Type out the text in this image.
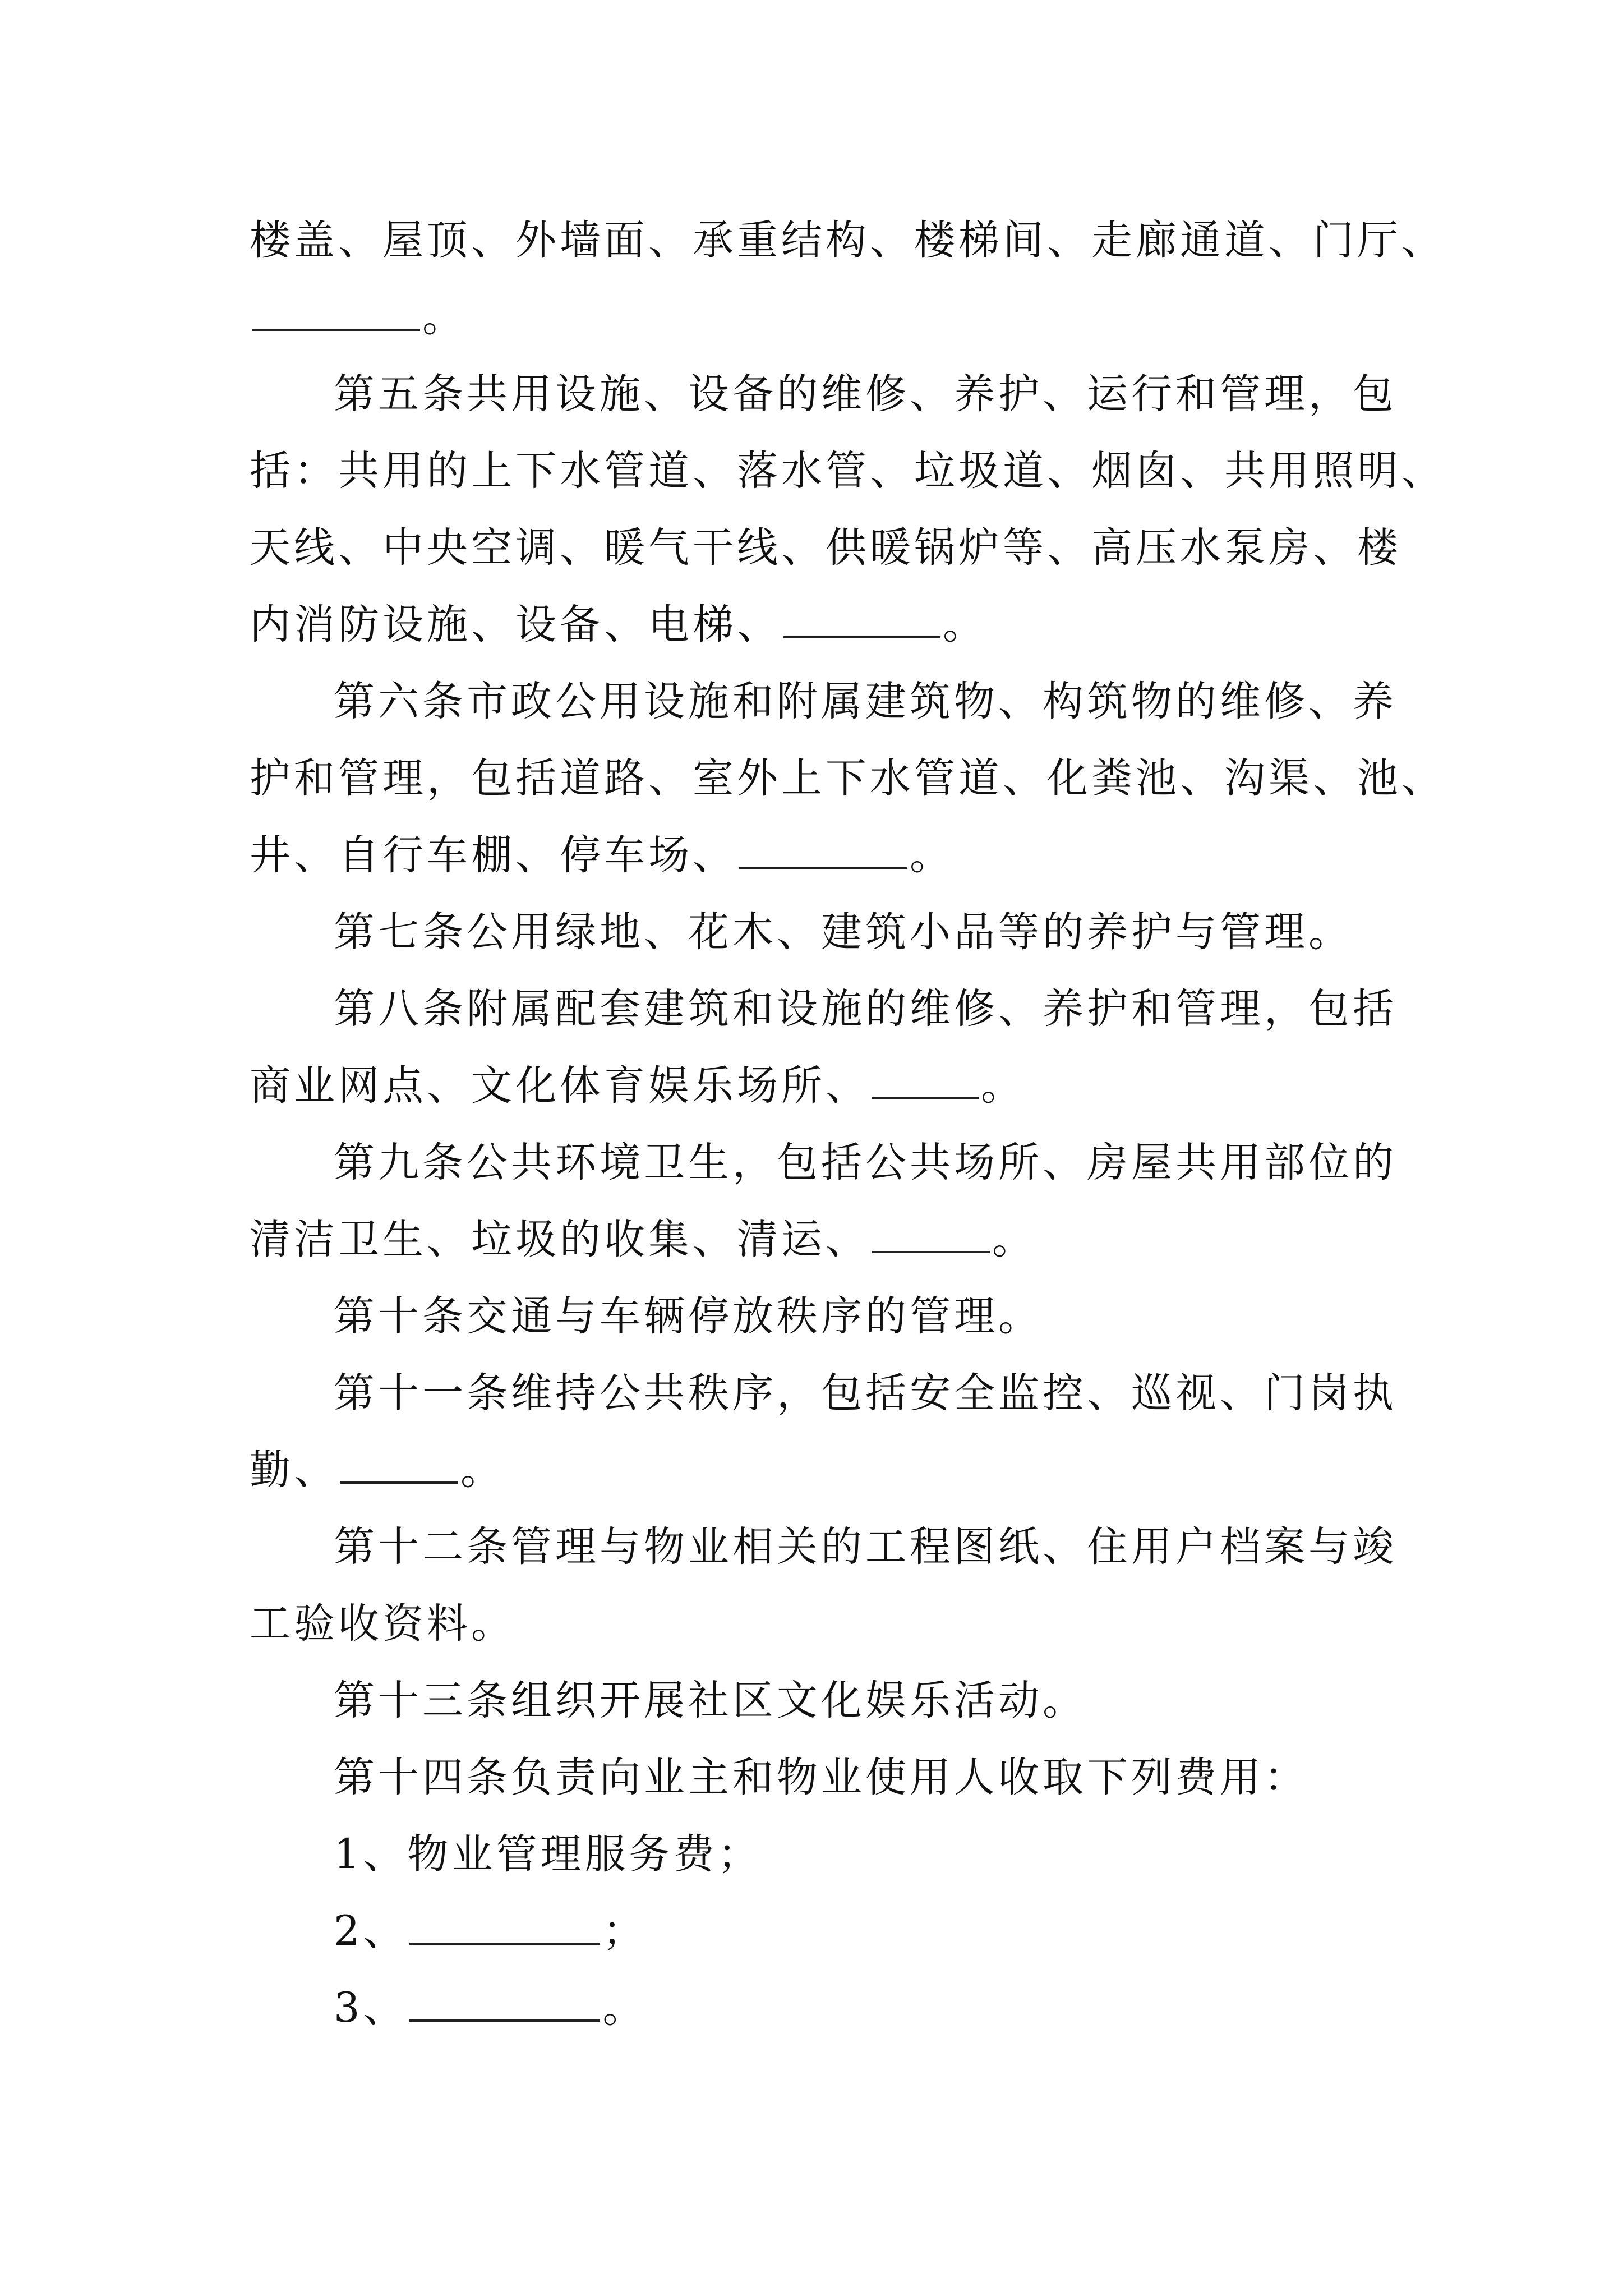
楼盖、屋顶、外墙面、承重结构、楼梯间、走廊通道、门厅、
。
第五条共用设施、设备的维修、养护、运行和管理，包
括：共用的上下水管道、落水管、垃圾道、烟囱、共用照明、
天线、中央空调、暖气干线、供暖锅炉等、高压水泵房、楼
内消防设施、设备、电梯、	。
第六条市政公用设施和附属建筑物、构筑物的维修、养
护和管理，包括道路、室外上下水管道、化粪池、沟渠、池、
井、自行车棚、停车场、	。
第七条公用绿地、花木、建筑小品等的养护与管理。
第八条附属配套建筑和设施的维修、养护和管理，包括
商业网点、文化体育娱乐场所、	。
第九条公共环境卫生，包括公共场所、房屋共用部位的
清洁卫生、垃圾的收集、清运、	。
第十条交通与车辆停放秩序的管理。
第十一条维持公共秩序，包括安全监控、巡视、门岗执
勤、	。
第十二条管理与物业相关的工程图纸、住用户档案与竣
工验收资料。
第十三条组织开展社区文化娱乐活动。
第十四条负责向业主和物业使用人收取下列费用：
1、物业管理服务费；
2、	；
3、	。
